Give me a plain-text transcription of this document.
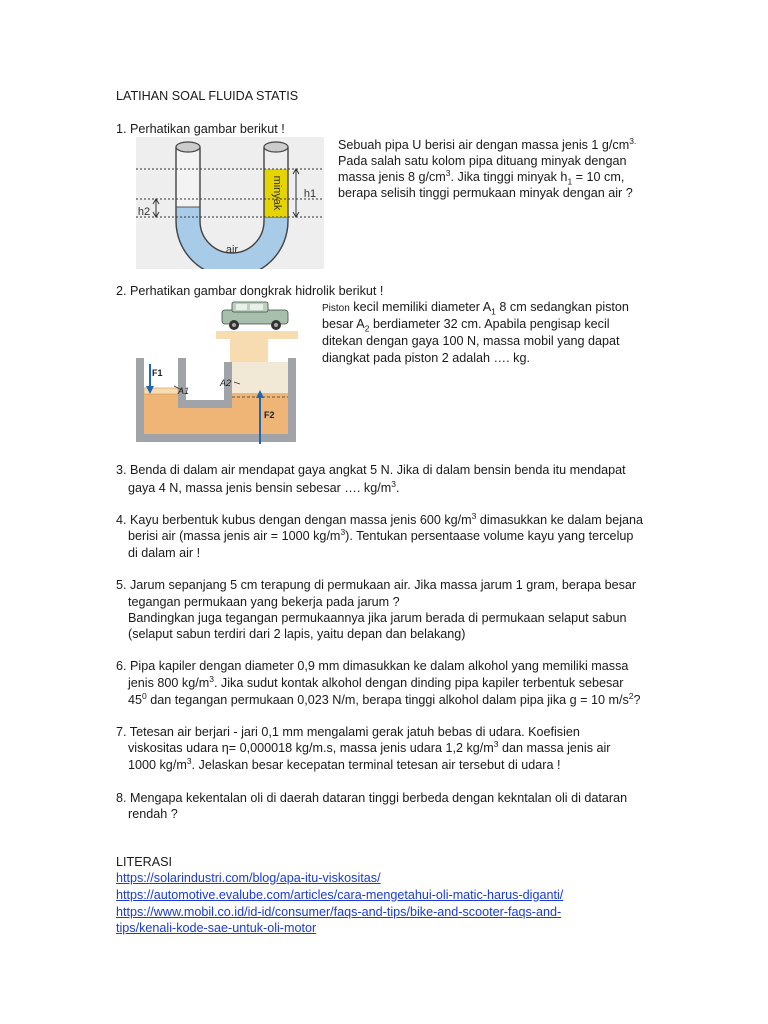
LATIHAN SOAL FLUIDA STATIS
1. Perhatikan gambar berikut !
minyak
air
h1
h2
Sebuah pipa U berisi air dengan massa jenis 1 $g/cm^{3.}$
Pada salah satu kolom pipa dituang minyak dengan
massa jenis 8 $g/cm^3$. Jika tinggi minyak $h_1 = 10$ cm,
berapa selisih tinggi permukaan minyak dengan air ?
2. Perhatikan gambar dongkrak hidrolik berikut !
F1
A1
A2
F2
Piston kecil memiliki diameter $A_1$ 8 cm sedangkan piston
besar $A_2$ berdiameter 32 cm. Apabila pengisap kecil
ditekan dengan gaya 100 N, massa mobil yang dapat
diangkat pada piston 2 adalah …. kg.
3. Benda di dalam air mendapat gaya angkat 5 N. Jika di dalam bensin benda itu mendapat
gaya 4 N, massa jenis bensin sebesar …. $kg/m^3$.
4. Kayu berbentuk kubus dengan dengan massa jenis 600 $kg/m^3$ dimasukkan ke dalam bejana
berisi air (massa jenis air = 1000 $kg/m^3$). Tentukan persentaase volume kayu yang tercelup
di dalam air !
5. Jarum sepanjang 5 cm terapung di permukaan air. Jika massa jarum 1 gram, berapa besar
tegangan permukaan yang bekerja pada jarum ?
Bandingkan juga tegangan permukaannya jika jarum berada di permukaan selaput sabun
(selaput sabun terdiri dari 2 lapis, yaitu depan dan belakang)
6. Pipa kapiler dengan diameter 0,9 mm dimasukkan ke dalam alkohol yang memiliki massa
jenis 800 $kg/m^3$. Jika sudut kontak alkohol dengan dinding pipa kapiler terbentuk sebesar
$45^0$ dan tegangan permukaan 0,023 N/m, berapa tinggi alkohol dalam pipa jika g = 10 $m/s^2$?
7. Tetesan air berjari - jari 0,1 mm mengalami gerak jatuh bebas di udara. Koefisien
viskositas udara η= 0,000018 kg/m.s, massa jenis udara 1,2 $kg/m^3$ dan massa jenis air
1000 $kg/m^3$. Jelaskan besar kecepatan terminal tetesan air tersebut di udara !
8. Mengapa kekentalan oli di daerah dataran tinggi berbeda dengan kekntalan oli di dataran
rendah ?
LITERASI
https://solarindustri.com/blog/apa-itu-viskositas/
https://automotive.evalube.com/articles/cara-mengetahui-oli-matic-harus-diganti/
https://www.mobil.co.id/id-id/consumer/faqs-and-tips/bike-and-scooter-faqs-and-
tips/kenali-kode-sae-untuk-oli-motor
